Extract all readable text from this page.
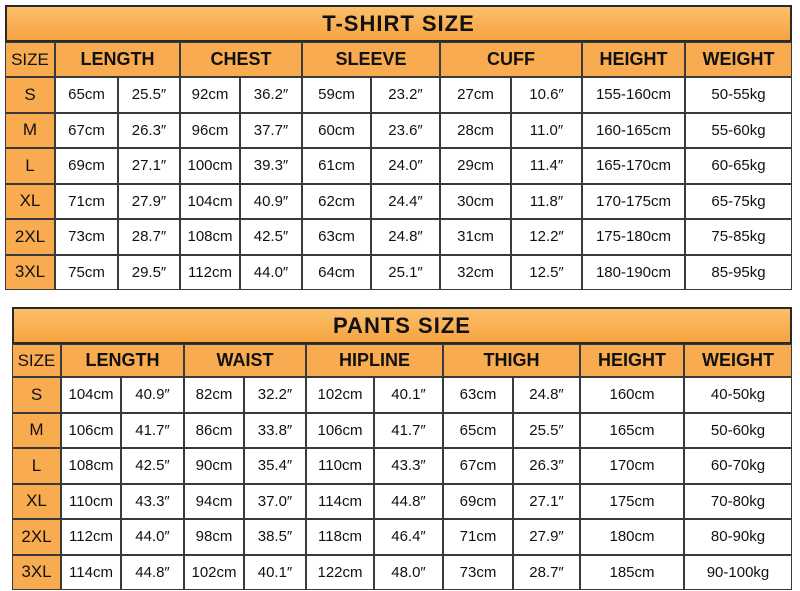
T-SHIRT SIZE
SIZE	LENGTH	CHEST	SLEEVE	CUFF	HEIGHT	WEIGHT
S	65cm	25.5″	92cm	36.2″	59cm	23.2″	27cm	10.6″	155-160cm	50-55kg
M	67cm	26.3″	96cm	37.7″	60cm	23.6″	28cm	11.0″	160-165cm	55-60kg
L	69cm	27.1″	100cm	39.3″	61cm	24.0″	29cm	11.4″	165-170cm	60-65kg
XL	71cm	27.9″	104cm	40.9″	62cm	24.4″	30cm	11.8″	170-175cm	65-75kg
2XL	73cm	28.7″	108cm	42.5″	63cm	24.8″	31cm	12.2″	175-180cm	75-85kg
3XL	75cm	29.5″	112cm	44.0″	64cm	25.1″	32cm	12.5″	180-190cm	85-95kg
PANTS SIZE
SIZE	LENGTH	WAIST	HIPLINE	THIGH	HEIGHT	WEIGHT
S	104cm	40.9″	82cm	32.2″	102cm	40.1″	63cm	24.8″	160cm	40-50kg
M	106cm	41.7″	86cm	33.8″	106cm	41.7″	65cm	25.5″	165cm	50-60kg
L	108cm	42.5″	90cm	35.4″	110cm	43.3″	67cm	26.3″	170cm	60-70kg
XL	110cm	43.3″	94cm	37.0″	114cm	44.8″	69cm	27.1″	175cm	70-80kg
2XL	112cm	44.0″	98cm	38.5″	118cm	46.4″	71cm	27.9″	180cm	80-90kg
3XL	114cm	44.8″	102cm	40.1″	122cm	48.0″	73cm	28.7″	185cm	90-100kg
